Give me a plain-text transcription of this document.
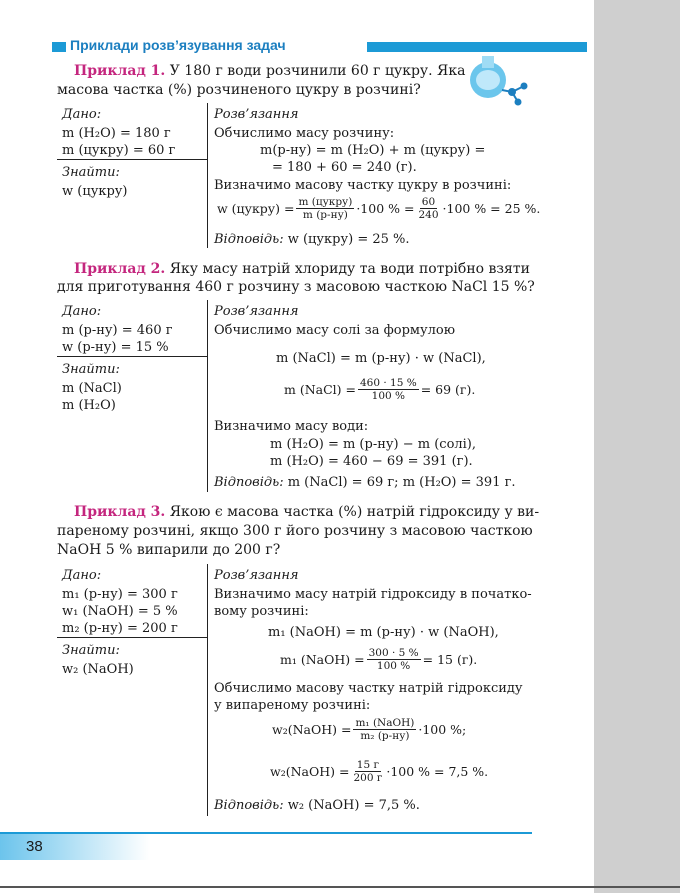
Приклади розв’язування задач
Приклад 1. У 180 г води розчинили 60 г цукру. Яка
масова частка (%) розчиненого цукру в розчині?
Дано:
m (H₂O) = 180 г
m (цукру) = 60 г
Знайти:
w (цукру)
Розв’язання
Обчислимо масу розчину:
m(р-ну) = m (H₂O) + m (цукру) =
= 180 + 60 = 240 (г).
Визначимо масову частку цукру в розчині:
w (цукру) = $\frac{\text{m (цукру)}}{m (р-ну)} \cdot 100$ % = $\frac{60}{240} \cdot 100$ % = 25 %.
Відповідь: w (цукру) = 25 %.
Приклад 2. Яку масу натрій хлориду та води потрібно взяти
для приготування 460 г розчину з масовою часткою NaCl 15 %?
Дано:
m (р-ну) = 460 г
w (р-ну) = 15 %
Знайти:
m (NaCl)
m (H₂O)
Розв’язання
Обчислимо масу солі за формулою
m (NaCl) = m (р-ну) · w (NaCl),
m (NaCl) = $\frac{460 \cdot 15 \%}{100 \%} = 69$ (г).
Визначимо масу води:
m (H₂O) = m (р-ну) − m (солі),
m (H₂O) = 460 − 69 = 391 (г).
Відповідь: m (NaCl) = 69 г; m (H₂O) = 391 г.
Приклад 3. Якою є масова частка (%) натрій гідроксиду у ви-
пареному розчині, якщо 300 г його розчину з масовою часткою
NaOH 5 % випарили до 200 г?
Дано:
m₁ (р-ну) = 300 г
w₁ (NaOH) = 5 %
m₂ (р-ну) = 200 г
Знайти:
w₂ (NaOH)
Розв’язання
Визначимо масу натрій гідроксиду в початко-
вому розчині:
m₁ (NaOH) = m (р-ну) · w (NaOH),
m₁ (NaOH) = $\frac{300 \cdot 5 \%}{100 \%} = 15$ (г).
Обчислимо масову частку натрій гідроксиду
у випареному розчині:
w₂(NaOH) = $\frac{\text{m₁ (NaOH)}}{\text{m₂ (р-ну)}} \cdot 100$ %;
w₂(NaOH) = $\frac{15 г}{200 г} \cdot 100$ % = 7,5 %.
Відповідь: w₂ (NaOH) = 7,5 %.
38
